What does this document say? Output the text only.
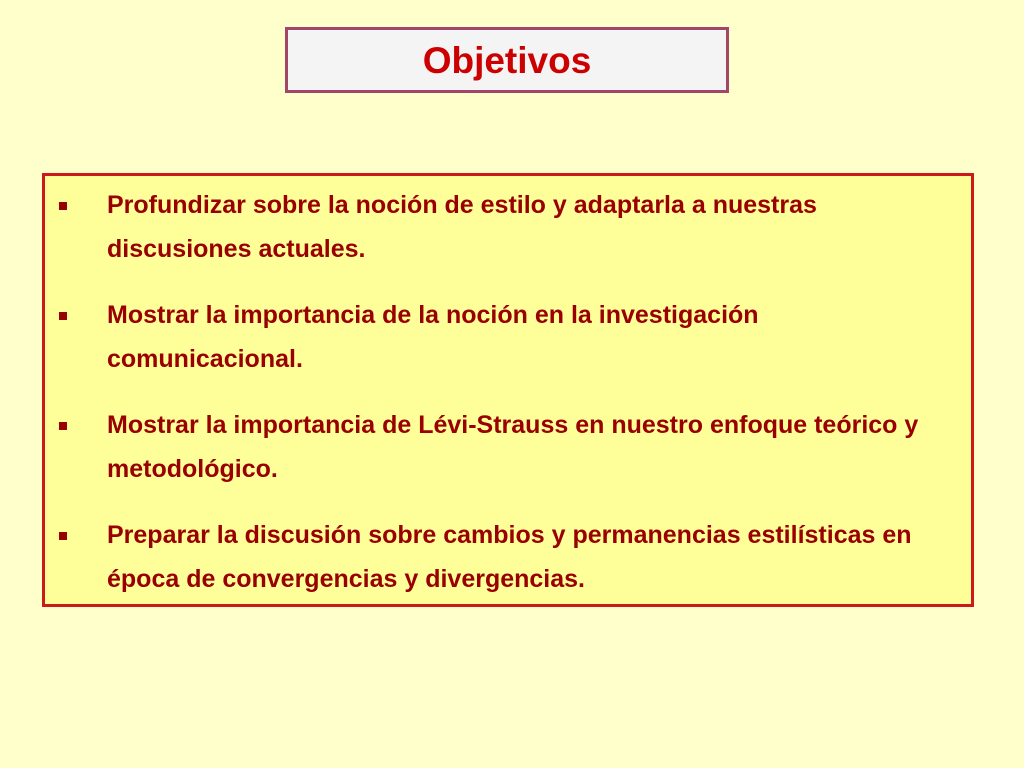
Objetivos
Profundizar sobre la noción de estilo y adaptarla a nuestras discusiones actuales.
Mostrar la importancia de la noción en la investigación comunicacional.
Mostrar la importancia de Lévi-Strauss en nuestro enfoque teórico y metodológico.
Preparar la discusión sobre cambios y permanencias estilísticas en época de convergencias y divergencias.
